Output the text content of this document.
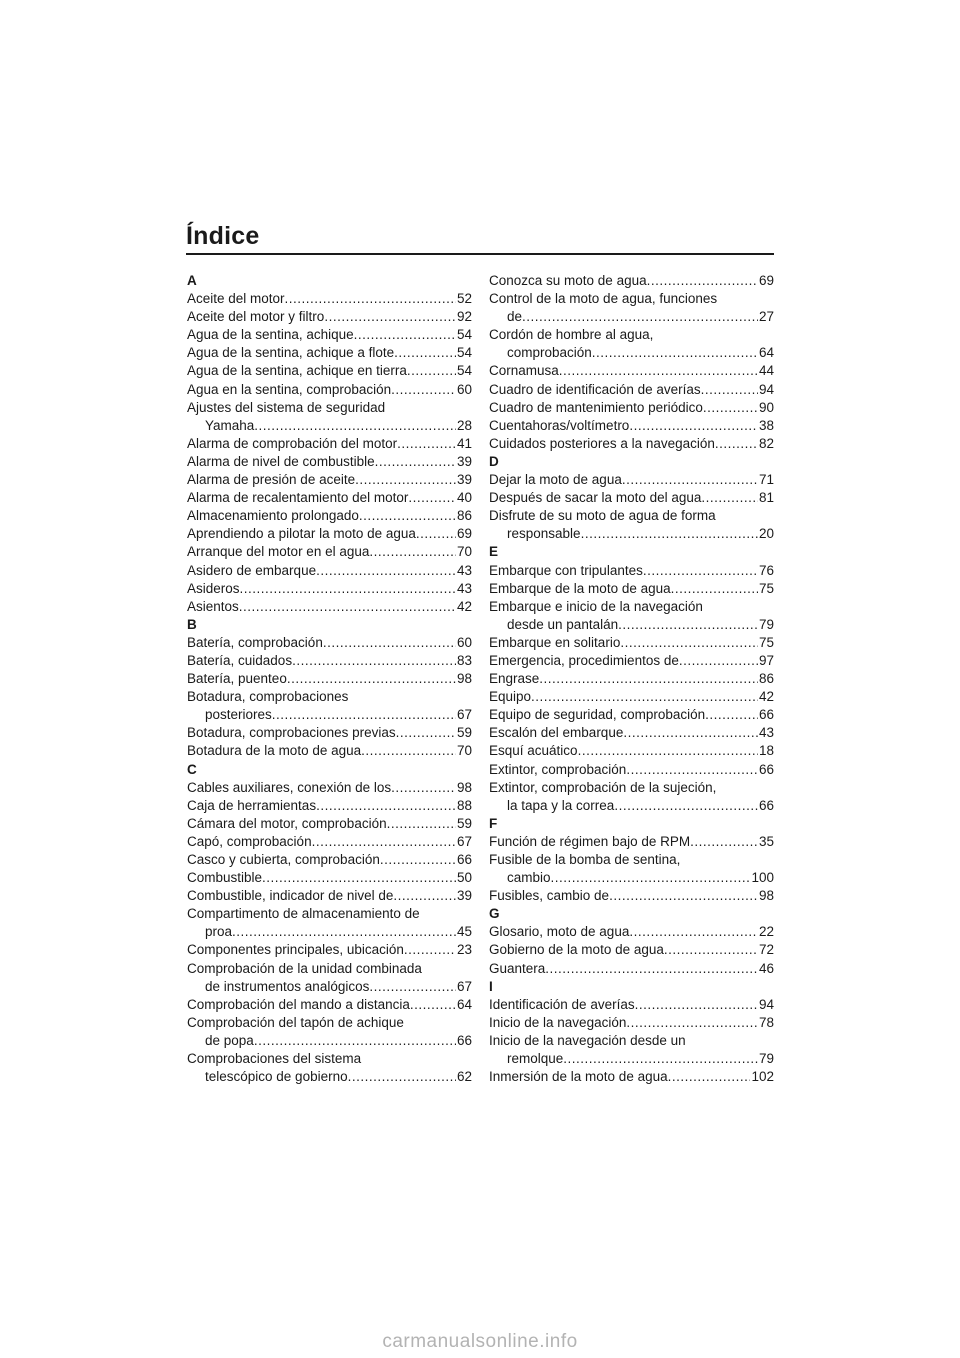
Índice
A
Aceite del motor .....	52
Aceite del motor y filtro .....	92
Agua de la sentina, achique .....	54
Agua de la sentina, achique a flote .....	54
Agua de la sentina, achique en tierra .....	54
Agua en la sentina, comprobación .....	60
Ajustes del sistema de seguridad
Yamaha .....	28
Alarma de comprobación del motor .....	41
Alarma de nivel de combustible .....	39
Alarma de presión de aceite .....	39
Alarma de recalentamiento del motor .....	40
Almacenamiento prolongado .....	86
Aprendiendo a pilotar la moto de agua .....	69
Arranque del motor en el agua .....	70
Asidero de embarque .....	43
Asideros .....	43
Asientos .....	42
B
Batería, comprobación .....	60
Batería, cuidados .....	83
Batería, puenteo .....	98
Botadura, comprobaciones
posteriores .....	67
Botadura, comprobaciones previas .....	59
Botadura de la moto de agua .....	70
C
Cables auxiliares, conexión de los .....	98
Caja de herramientas .....	88
Cámara del motor, comprobación .....	59
Capó, comprobación .....	67
Casco y cubierta, comprobación .....	66
Combustible .....	50
Combustible, indicador de nivel de .....	39
Compartimento de almacenamiento de
proa .....	45
Componentes principales, ubicación .....	23
Comprobación de la unidad combinada
de instrumentos analógicos .....	67
Comprobación del mando a distancia .....	64
Comprobación del tapón de achique
de popa .....	66
Comprobaciones del sistema
telescópico de gobierno .....	62
Conozca su moto de agua .....	69
Control de la moto de agua, funciones
de .....	27
Cordón de hombre al agua,
comprobación .....	64
Cornamusa .....	44
Cuadro de identificación de averías .....	94
Cuadro de mantenimiento periódico .....	90
Cuentahoras/voltímetro .....	38
Cuidados posteriores a la navegación .....	82
D
Dejar la moto de agua .....	71
Después de sacar la moto del agua .....	81
Disfrute de su moto de agua de forma
responsable .....	20
E
Embarque con tripulantes .....	76
Embarque de la moto de agua .....	75
Embarque e inicio de la navegación
desde un pantalán .....	79
Embarque en solitario .....	75
Emergencia, procedimientos de .....	97
Engrase .....	86
Equipo .....	42
Equipo de seguridad, comprobación .....	66
Escalón del embarque .....	43
Esquí acuático .....	18
Extintor, comprobación .....	66
Extintor, comprobación de la sujeción,
la tapa y la correa .....	66
F
Función de régimen bajo de RPM .....	35
Fusible de la bomba de sentina,
cambio .....	100
Fusibles, cambio de .....	98
G
Glosario, moto de agua .....	22
Gobierno de la moto de agua .....	72
Guantera .....	46
I
Identificación de averías .....	94
Inicio de la navegación .....	78
Inicio de la navegación desde un
remolque .....	79
Inmersión de la moto de agua .....	102
carmanualsonline.info
